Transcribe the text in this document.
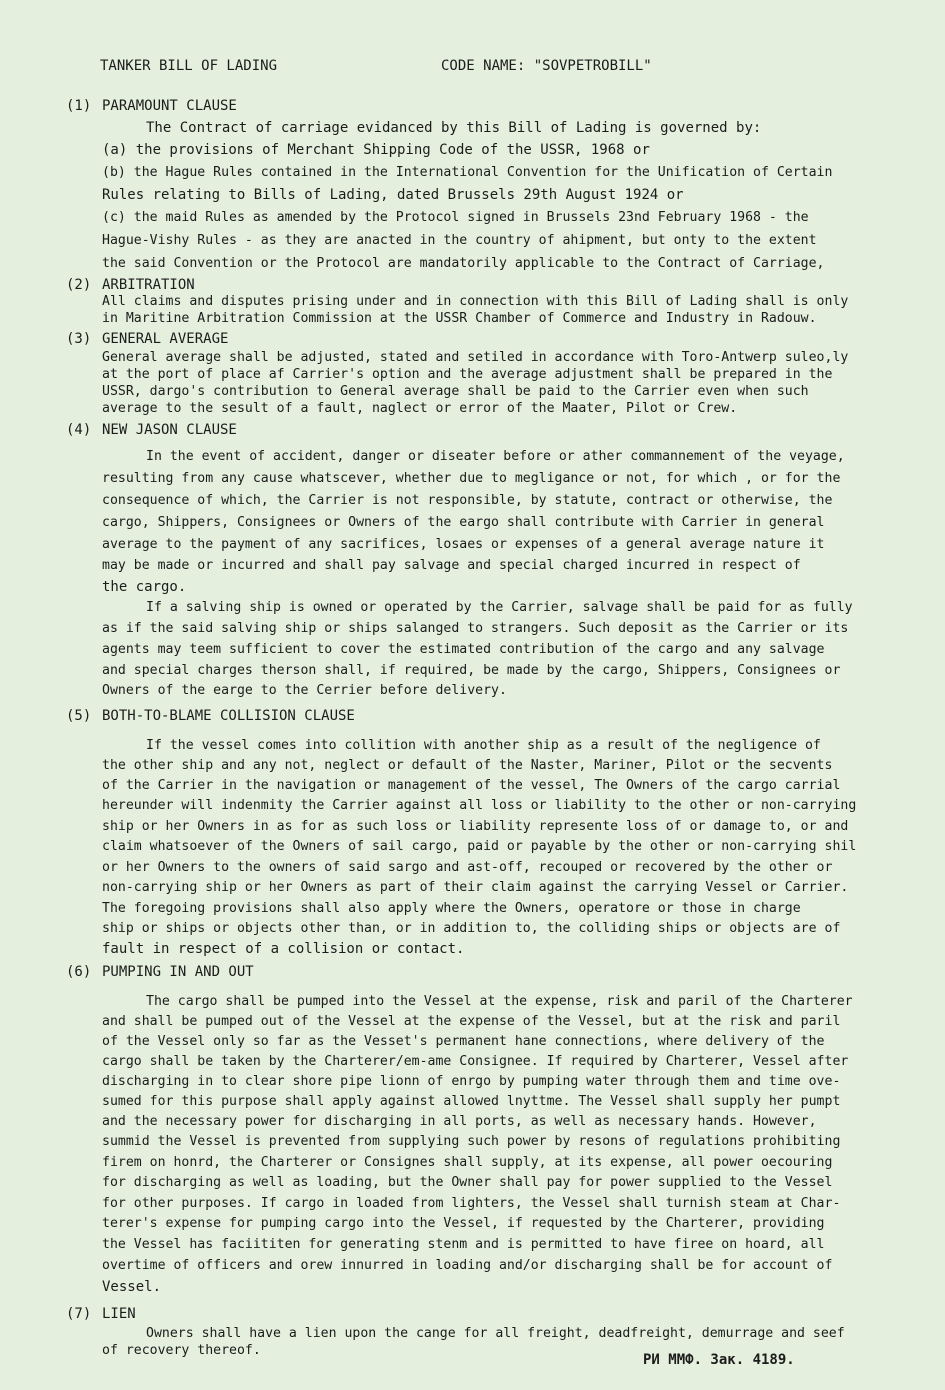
TANKER BILL OF LADING	CODE NAME: "SOVPETROBILL"
(1) PARAMOUNT CLAUSE
The Contract of carriage evidanced by this Bill of Lading is governed by:
(a) the provisions of Merchant Shipping Code of the USSR, 1968 or
(b) the Hague Rules contained in the International Convention for the Unification of Certain
Rules relating to Bills of Lading, dated Brussels 29th August 1924 or
(c) the maid Rules as amended by the Protocol signed in Brussels 23nd February 1968 - the
Hague-Vishy Rules - as they are anacted in the country of ahipment, but onty to the extent
the said Convention or the Protocol are mandatorily applicable to the Contract of Carriage,
(2) ARBITRATION
All claims and disputes prising under and in connection with this Bill of Lading shall is only
in Maritine Arbitration Commission at the USSR Chamber of Commerce and Industry in Radouw.
(3) GENERAL AVERAGE
General average shall be adjusted, stated and setiled in accordance with Toro-Antwerp suleo,ly
at the port of place af Carrier's option and the average adjustment shall be prepared in the
USSR, dargo's contribution to General average shall be paid to the Carrier even when such
average to the sesult of a fault, naglect or error of the Maater, Pilot or Crew.
(4) NEW JASON CLAUSE
In the event of accident, danger or diseater before or ather commannement of the veyage,
resulting from any cause whatscever, whether due to megligance or not, for which , or for the
consequence of which, the Carrier is not responsible, by statute, contract or otherwise, the
cargo, Shippers, Consignees or Owners of the eargo shall contribute with Carrier in general
average to the payment of any sacrifices, losaes or expenses of a general average nature it
may be made or incurred and shall pay salvage and special charged incurred in respect of
the cargo.
If a salving ship is owned or operated by the Carrier, salvage shall be paid for as fully
as if the said salving ship or ships salanged to strangers. Such deposit as the Carrier or its
agents may teem sufficient to cover the estimated contribution of the cargo and any salvage
and special charges therson shall, if required, be made by the cargo, Shippers, Consignees or
Owners of the earge to the Cerrier before delivery.
(5) BOTH-TO-BLAME COLLISION CLAUSE
If the vessel comes into collition with another ship as a result of the negligence of
the other ship and any not, neglect or default of the Naster, Mariner, Pilot or the secvents
of the Carrier in the navigation or management of the vessel, The Owners of the cargo carrial
hereunder will indenmity the Carrier against all loss or liability to the other or non-carrying
ship or her Owners in as for as such loss or liability represente loss of or damage to, or and
claim whatsoever of the Owners of sail cargo, paid or payable by the other or non-carrying shil
or her Owners to the owners of said sargo and ast-off, recouped or recovered by the other or
non-carrying ship or her Owners as part of their claim against the carrying Vessel or Carrier.
The foregoing provisions shall also apply where the Owners, operatore or those in charge
ship or ships or objects other than, or in addition to, the colliding ships or objects are of
fault in respect of a collision or contact.
(6) PUMPING IN AND OUT
The cargo shall be pumped into the Vessel at the expense, risk and paril of the Charterer
and shall be pumped out of the Vessel at the expense of the Vessel, but at the risk and paril
of the Vessel only so far as the Vesset's permanent hane connections, where delivery of the
cargo shall be taken by the Charterer/em-ame Consignee. If required by Charterer, Vessel after
discharging in to clear shore pipe lionn of enrgo by pumping water through them and time ove-
sumed for this purpose shall apply against allowed lnyttme. The Vessel shall supply her pumpt
and the necessary power for discharging in all ports, as well as necessary hands. However,
summid the Vessel is prevented from supplying such power by resons of regulations prohibiting
firem on honrd, the Charterer or Consignes shall supply, at its expense, all power oecouring
for discharging as well as loading, but the Owner shall pay for power supplied to the Vessel
for other purposes. If cargo in loaded from lighters, the Vessel shall turnish steam at Char-
terer's expense for pumping cargo into the Vessel, if requested by the Charterer, providing
the Vessel has faciititen for generating stenm and is permitted to have firee on hoard, all
overtime of officers and orew innurred in loading and/or discharging shall be for account of
Vessel.
(7) LIEN
Owners shall have a lien upon the cange for all freight, deadfreight, demurrage and seef
of recovery thereof.
РИ ММФ. Зак. 4189.
